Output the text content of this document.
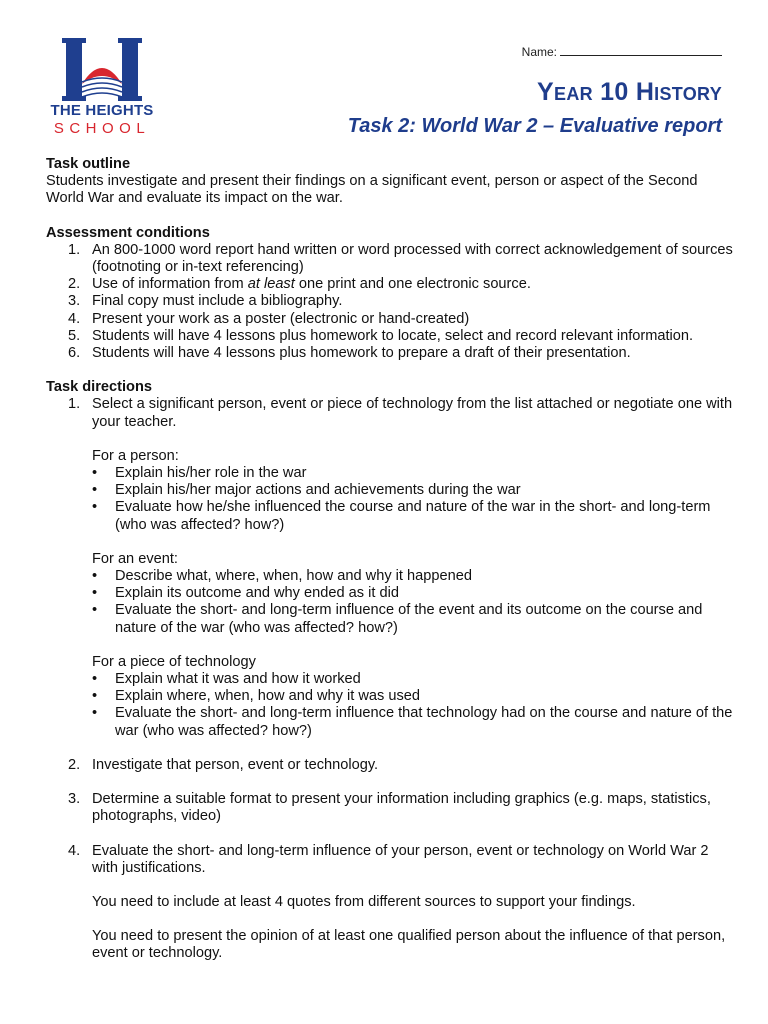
THE HEIGHTS
SCHOOL
Name:
Year 10 History
Task 2: World War 2 – Evaluative report
Task outline

Students investigate and present their findings on a significant event, person or aspect of the Second World War and evaluate its impact on the war.

Assessment conditions
1. An 800-1000 word report hand written or word processed with correct acknowledgement of sources (footnoting or in-text referencing)
2. Use of information from at least one print and one electronic source.
3. Final copy must include a bibliography.
4. Present your work as a poster (electronic or hand-created)
5. Students will have 4 lessons plus homework to locate, select and record relevant information.
6. Students will have 4 lessons plus homework to prepare a draft of their presentation.
Task directions
1. Select a significant person, event or piece of technology from the list attached or negotiate one with your teacher.

For a person:

• Explain his/her role in the war
• Explain his/her major actions and achievements during the war
• Evaluate how he/she influenced the course and nature of the war in the short- and long-term (who was affected? how?)

For an event:

• Describe what, where, when, how and why it happened
• Explain its outcome and why ended as it did
• Evaluate the short- and long-term influence of the event and its outcome on the course and nature of the war (who was affected? how?)

For a piece of technology

• Explain what it was and how it worked
• Explain where, when, how and why it was used
• Evaluate the short- and long-term influence that technology had on the course and nature of the war (who was affected? how?)
2. Investigate that person, event or technology.

3. Determine a suitable format to present your information including graphics (e.g. maps, statistics, photographs, video)

4. Evaluate the short- and long-term influence of your person, event or technology on World War 2 with justifications.

You need to include at least 4 quotes from different sources to support your findings.

You need to present the opinion of at least one qualified person about the influence of that person, event or technology.
